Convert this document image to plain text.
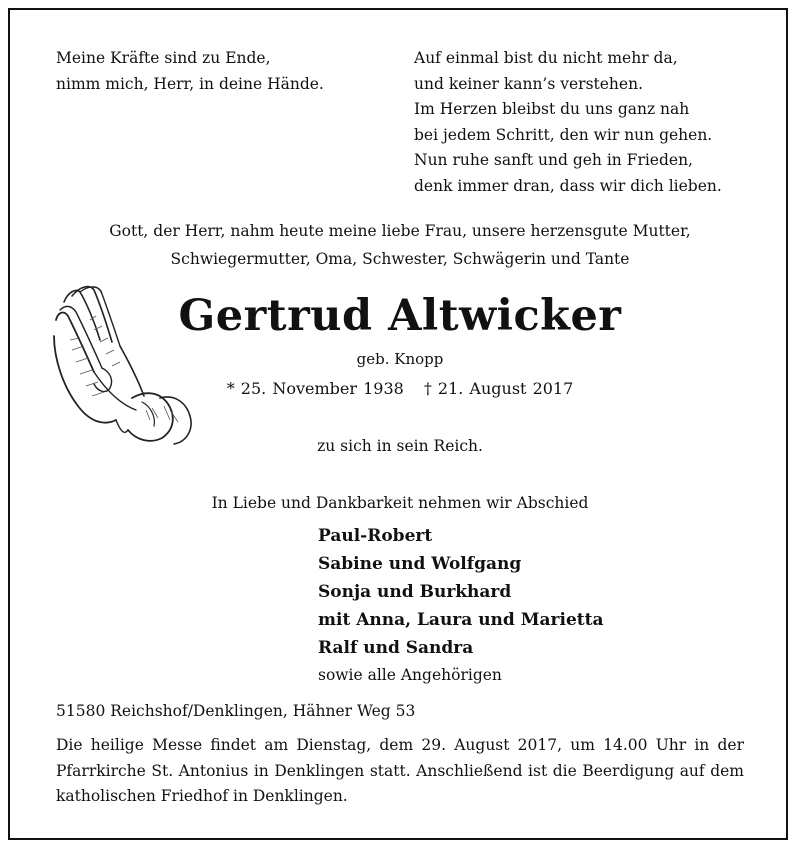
Meine Kräfte sind zu Ende,
nimm mich, Herr, in deine Hände.
Auf einmal bist du nicht mehr da,
und keiner kann’s verstehen.
Im Herzen bleibst du uns ganz nah
bei jedem Schritt, den wir nun gehen.
Nun ruhe sanft und geh in Frieden,
denk immer dran, dass wir dich lieben.
Gott, der Herr, nahm heute meine liebe Frau, unsere herzensgute Mutter,
Schwiegermutter, Oma, Schwester, Schwägerin und Tante
Gertrud Altwicker
geb. Knopp
* 25. November 1938 † 21. August 2017
zu sich in sein Reich.
In Liebe und Dankbarkeit nehmen wir Abschied
Paul-Robert
Sabine und Wolfgang
Sonja und Burkhard
mit Anna, Laura und Marietta
Ralf und Sandra
sowie alle Angehörigen
51580 Reichshof/Denklingen, Hähner Weg 53
Die heilige Messe findet am Dienstag, dem 29. August 2017, um 14.00 Uhr in der Pfarrkirche St. Antonius in Denklingen statt. Anschließend ist die Beerdigung auf dem katholischen Friedhof in Denklingen.
